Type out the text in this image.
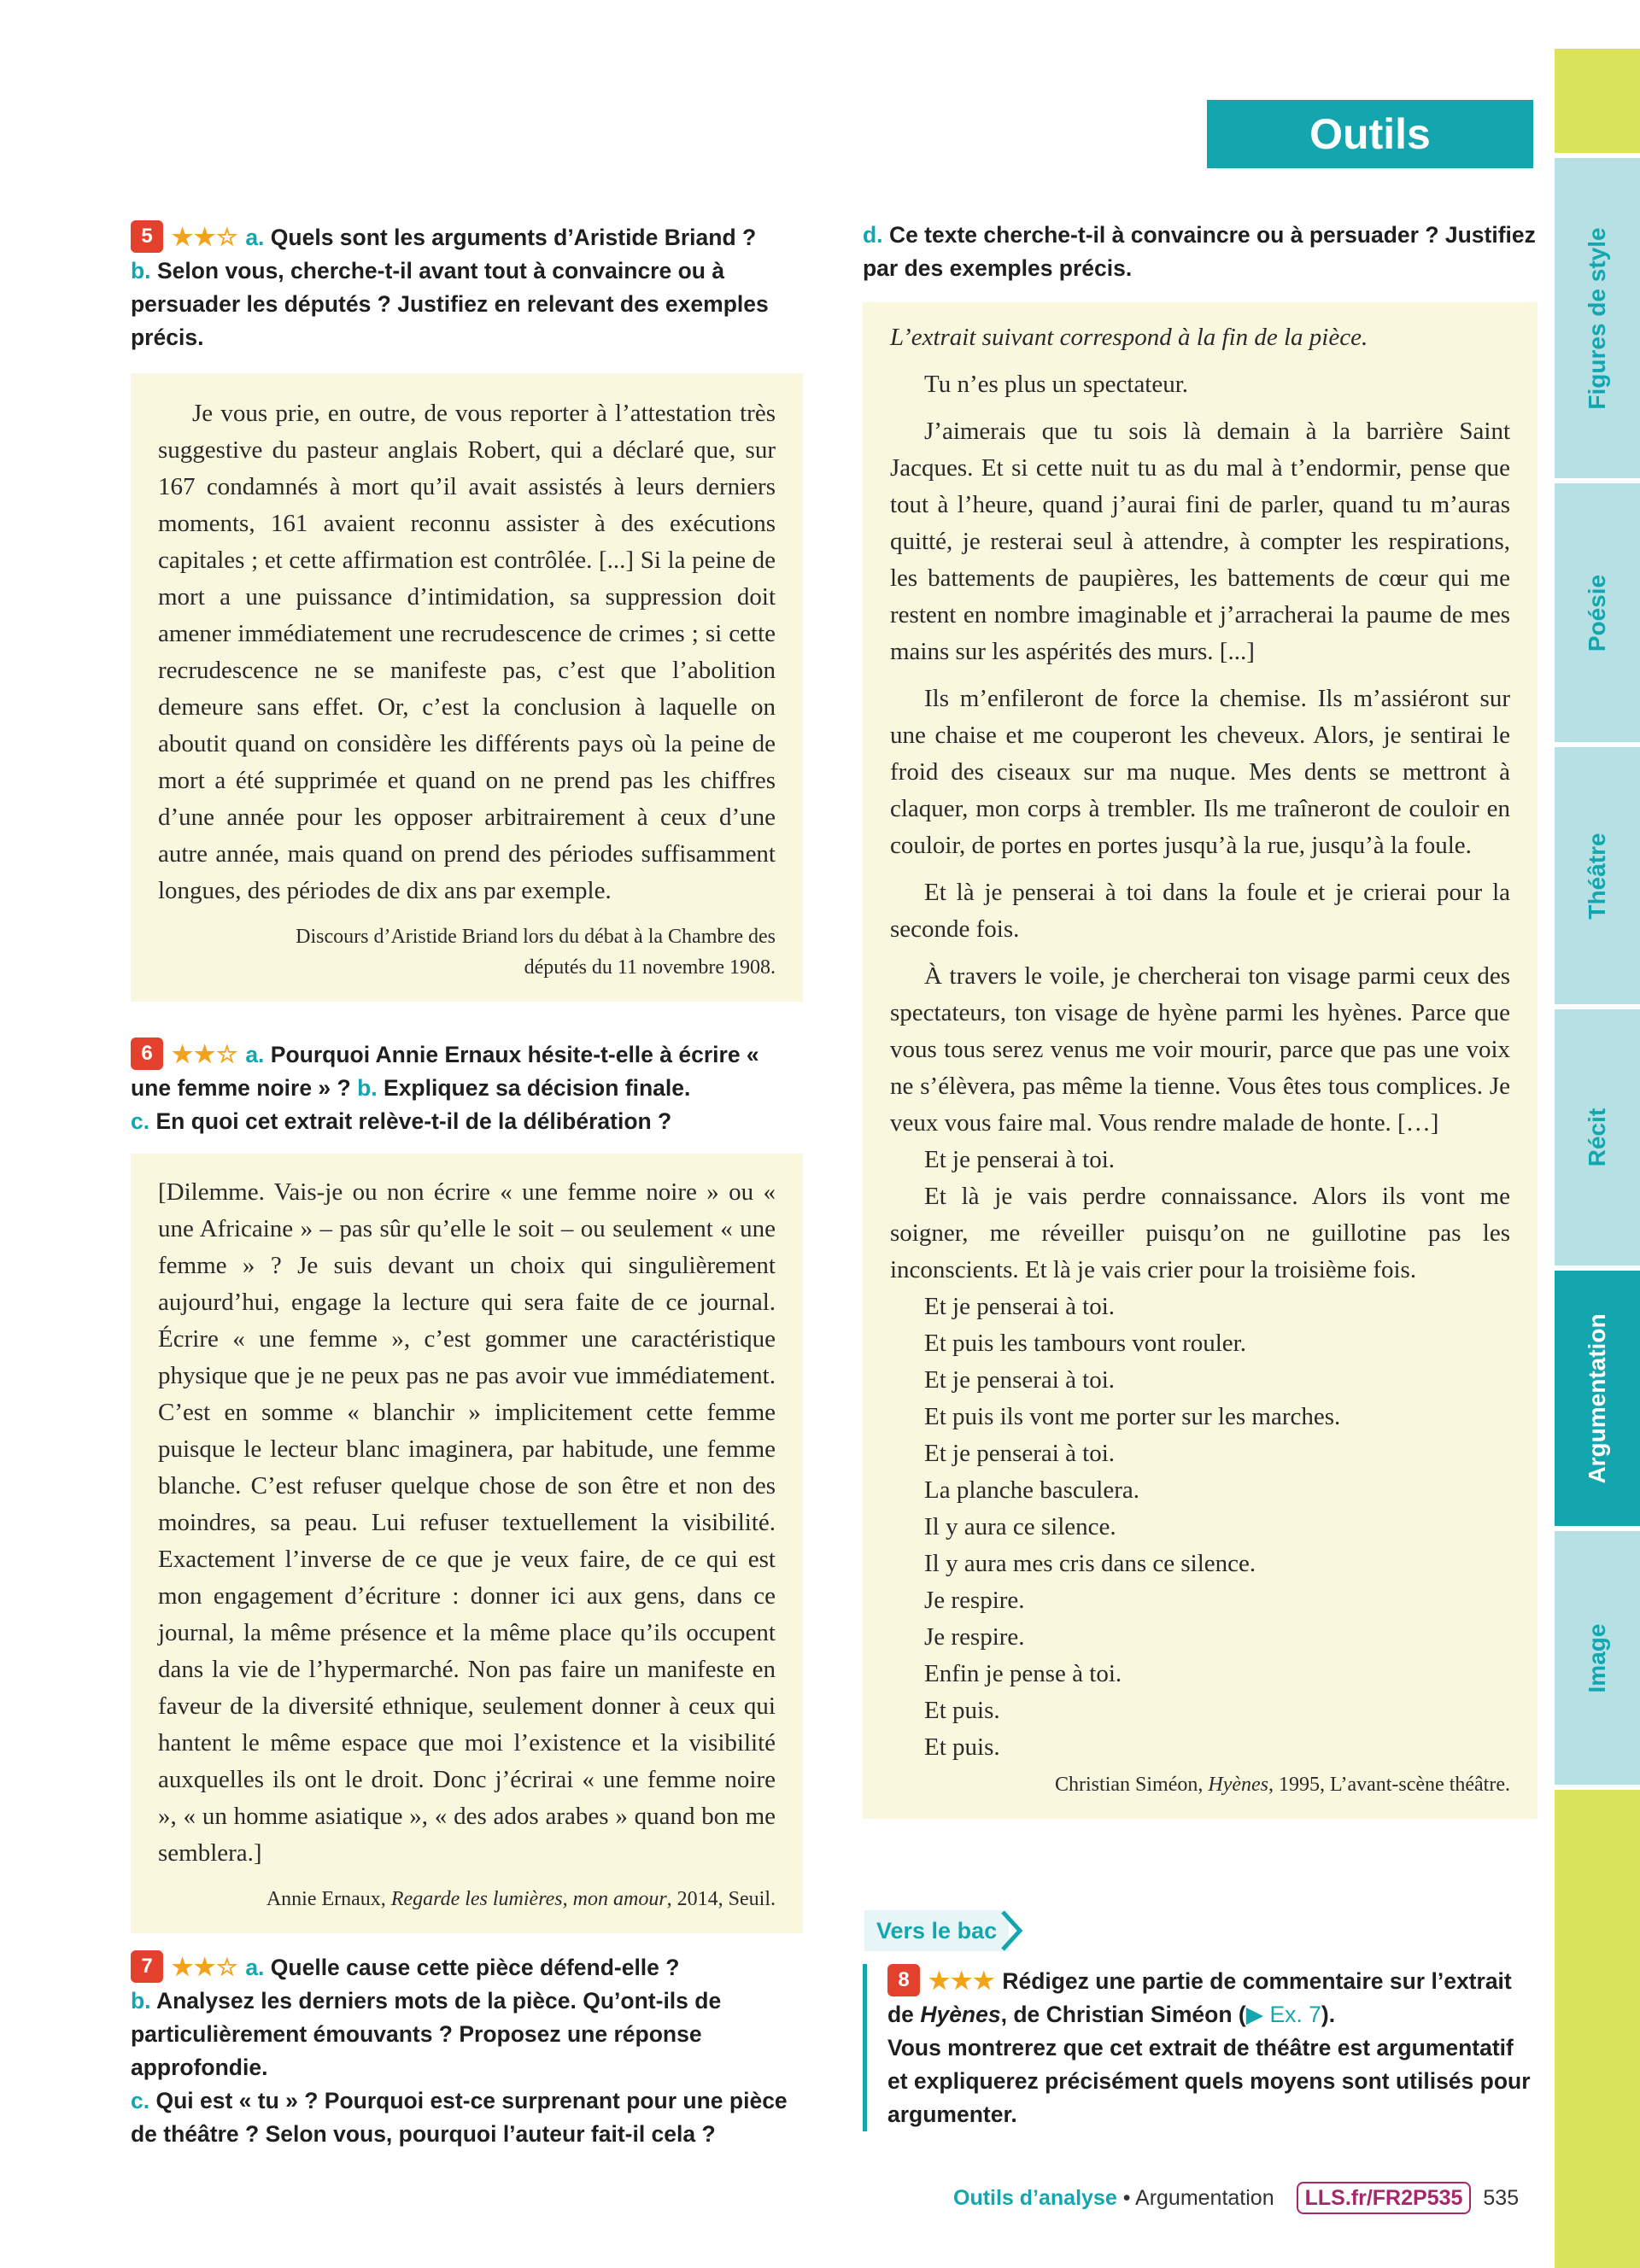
Outils d’analyse
Figures de style
Poésie
Théâtre
Récit
Argumentation
Image
5 ★★☆ a. Quels sont les arguments d’Aristide Briand ?
b. Selon vous, cherche-t-il avant tout à convaincre ou à persuader les députés ? Justifiez en relevant des exemples précis.

Je vous prie, en outre, de vous reporter à l’attestation très suggestive du pasteur anglais Robert, qui a déclaré que, sur 167 condamnés à mort qu’il avait assistés à leurs derniers moments, 161 avaient reconnu assister à des exécutions capitales ; et cette affirmation est contrôlée. [...] Si la peine de mort a une puissance d’intimidation, sa suppression doit amener immédiatement une recrudescence de crimes ; si cette recrudescence ne se manifeste pas, c’est que l’abolition demeure sans effet. Or, c’est la conclusion à laquelle on aboutit quand on considère les différents pays où la peine de mort a été supprimée et quand on ne prend pas les chiffres d’une année pour les opposer arbitrairement à ceux d’une autre année, mais quand on prend des périodes suffisamment longues, des périodes de dix ans par exemple.

Discours d’Aristide Briand lors du débat à la Chambre des
députés du 11 novembre 1908.
6 ★★☆ a. Pourquoi Annie Ernaux hésite-t-elle à écrire « une femme noire » ? b. Expliquez sa décision finale.
c. En quoi cet extrait relève-t-il de la délibération ?

[Dilemme. Vais-je ou non écrire « une femme noire » ou « une Africaine » – pas sûr qu’elle le soit – ou seulement « une femme » ? Je suis devant un choix qui singulièrement aujourd’hui, engage la lecture qui sera faite de ce journal. Écrire « une femme », c’est gommer une caractéristique physique que je ne peux pas ne pas avoir vue immédiatement. C’est en somme « blanchir » implicitement cette femme puisque le lecteur blanc imaginera, par habitude, une femme blanche. C’est refuser quelque chose de son être et non des moindres, sa peau. Lui refuser textuellement la visibilité. Exactement l’inverse de ce que je veux faire, de ce qui est mon engagement d’écriture : donner ici aux gens, dans ce journal, la même présence et la même place qu’ils occupent dans la vie de l’hypermarché. Non pas faire un manifeste en faveur de la diversité ethnique, seulement donner à ceux qui hantent le même espace que moi l’existence et la visibilité auxquelles ils ont le droit. Donc j’écrirai « une femme noire », « un homme asiatique », « des ados arabes » quand bon me semblera.]

Annie Ernaux, Regarde les lumières, mon amour, 2014, Seuil.
7 ★★☆ a. Quelle cause cette pièce défend-elle ?
b. Analysez les derniers mots de la pièce. Qu’ont-ils de particulièrement émouvants ? Proposez une réponse approfondie.
c. Qui est « tu » ? Pourquoi est-ce surprenant pour une pièce de théâtre ? Selon vous, pourquoi l’auteur fait-il cela ?
d. Ce texte cherche-t-il à convaincre ou à persuader ? Justifiez par des exemples précis.

L’extrait suivant correspond à la fin de la pièce.

Tu n’es plus un spectateur.

J’aimerais que tu sois là demain à la barrière Saint Jacques. Et si cette nuit tu as du mal à t’endormir, pense que tout à l’heure, quand j’aurai fini de parler, quand tu m’auras quitté, je resterai seul à attendre, à compter les respirations, les battements de paupières, les battements de cœur qui me restent en nombre imaginable et j’arracherai la paume de mes mains sur les aspérités des murs. [...]

Ils m’enfileront de force la chemise. Ils m’assiéront sur une chaise et me couperont les cheveux. Alors, je sentirai le froid des ciseaux sur ma nuque. Mes dents se mettront à claquer, mon corps à trembler. Ils me traîneront de couloir en couloir, de portes en portes jusqu’à la rue, jusqu’à la foule.

Et là je penserai à toi dans la foule et je crierai pour la seconde fois.

À travers le voile, je chercherai ton visage parmi ceux des spectateurs, ton visage de hyène parmi les hyènes. Parce que vous tous serez venus me voir mourir, parce que pas une voix ne s’élèvera, pas même la tienne. Vous êtes tous complices. Je veux vous faire mal. Vous rendre malade de honte. […]

Et je penserai à toi.

Et là je vais perdre connaissance. Alors ils vont me soigner, me réveiller puisqu’on ne guillotine pas les inconscients. Et là je vais crier pour la troisième fois.

Et je penserai à toi.

Et puis les tambours vont rouler.

Et je penserai à toi.

Et puis ils vont me porter sur les marches.

Et je penserai à toi.

La planche basculera.

Il y aura ce silence.

Il y aura mes cris dans ce silence.

Je respire.

Je respire.

Enfin je pense à toi.

Et puis.

Et puis.

Christian Siméon, Hyènes, 1995, L’avant-scène théâtre.
Vers le bac
8 ★★★ Rédigez une partie de commentaire sur l’extrait de Hyènes, de Christian Siméon (▶ Ex. 7).
Vous montrerez que cet extrait de théâtre est argumentatif et expliquerez précisément quels moyens sont utilisés pour argumenter.
Outils d’analyse • Argumentation LLS.fr/FR2P535 535
